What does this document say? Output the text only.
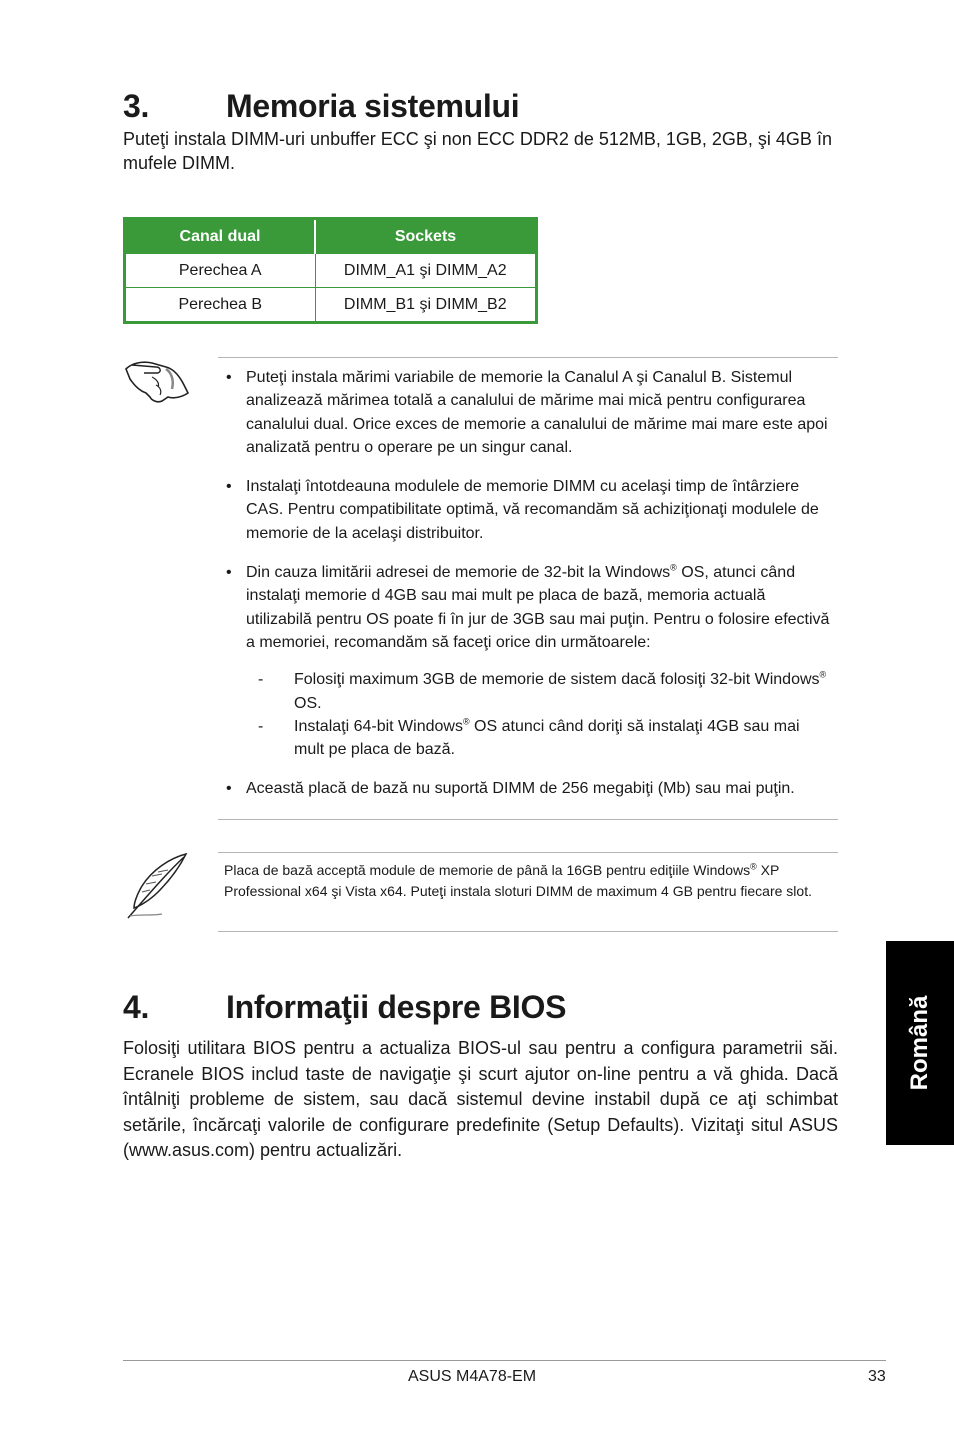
3. Memoria sistemului

Puteţi instala DIMM-uri unbuffer ECC şi non ECC DDR2 de 512MB, 1GB, 2GB, şi 4GB în mufele DIMM.

Canal dual	Sockets
Perechea A	DIMM_A1 şi DIMM_A2
Perechea B	DIMM_B1 şi DIMM_B2
• Puteţi instala mărimi variabile de memorie la Canalul A şi Canalul B. Sistemul analizează mărimea totală a canalului de mărime mai mică pentru configurarea canalului dual. Orice exces de memorie a canalului de mărime mai mare este apoi analizată pentru o operare pe un singur canal.
• Instalaţi întotdeauna modulele de memorie DIMM cu acelaşi timp de întârziere CAS. Pentru compatibilitate optimă, vă recomandăm să achiziţionaţi modulele de memorie de la acelaşi distribuitor.
• Din cauza limitării adresei de memorie de 32-bit la Windows® OS, atunci când instalaţi memorie d 4GB sau mai mult pe placa de bază, memoria actuală utilizabilă pentru OS poate fi în jur de 3GB sau mai puţin. Pentru o folosire efectivă a memoriei, recomandăm să faceţi orice din următoarele:
-	Folosiţi maximum 3GB de memorie de sistem dacă folosiţi 32-bit Windows® OS.
-	Instalaţi 64-bit Windows® OS atunci când doriţi să instalaţi 4GB sau mai mult pe placa de bază.
• Această placă de bază nu suportă DIMM de 256 megabiţi (Mb) sau mai puţin.
Placa de bază acceptă module de memorie de până la 16GB pentru ediţiile Windows® XP Professional x64 şi Vista x64. Puteţi instala sloturi DIMM de maximum 4 GB pentru fiecare slot.
4. Informaţii despre BIOS

Folosiţi utilitara BIOS pentru a actualiza BIOS-ul sau pentru a configura parametrii săi. Ecranele BIOS includ taste de navigaţie şi scurt ajutor on-line pentru a vă ghida. Dacă întâlniţi probleme de sistem, sau dacă sistemul devine instabil după ce aţi schimbat setările, încărcaţi valorile de configurare predefinite (Setup Defaults). Vizitaţi situl ASUS (www.asus.com) pentru actualizări.

Română
ASUS M4A78-EM	33
